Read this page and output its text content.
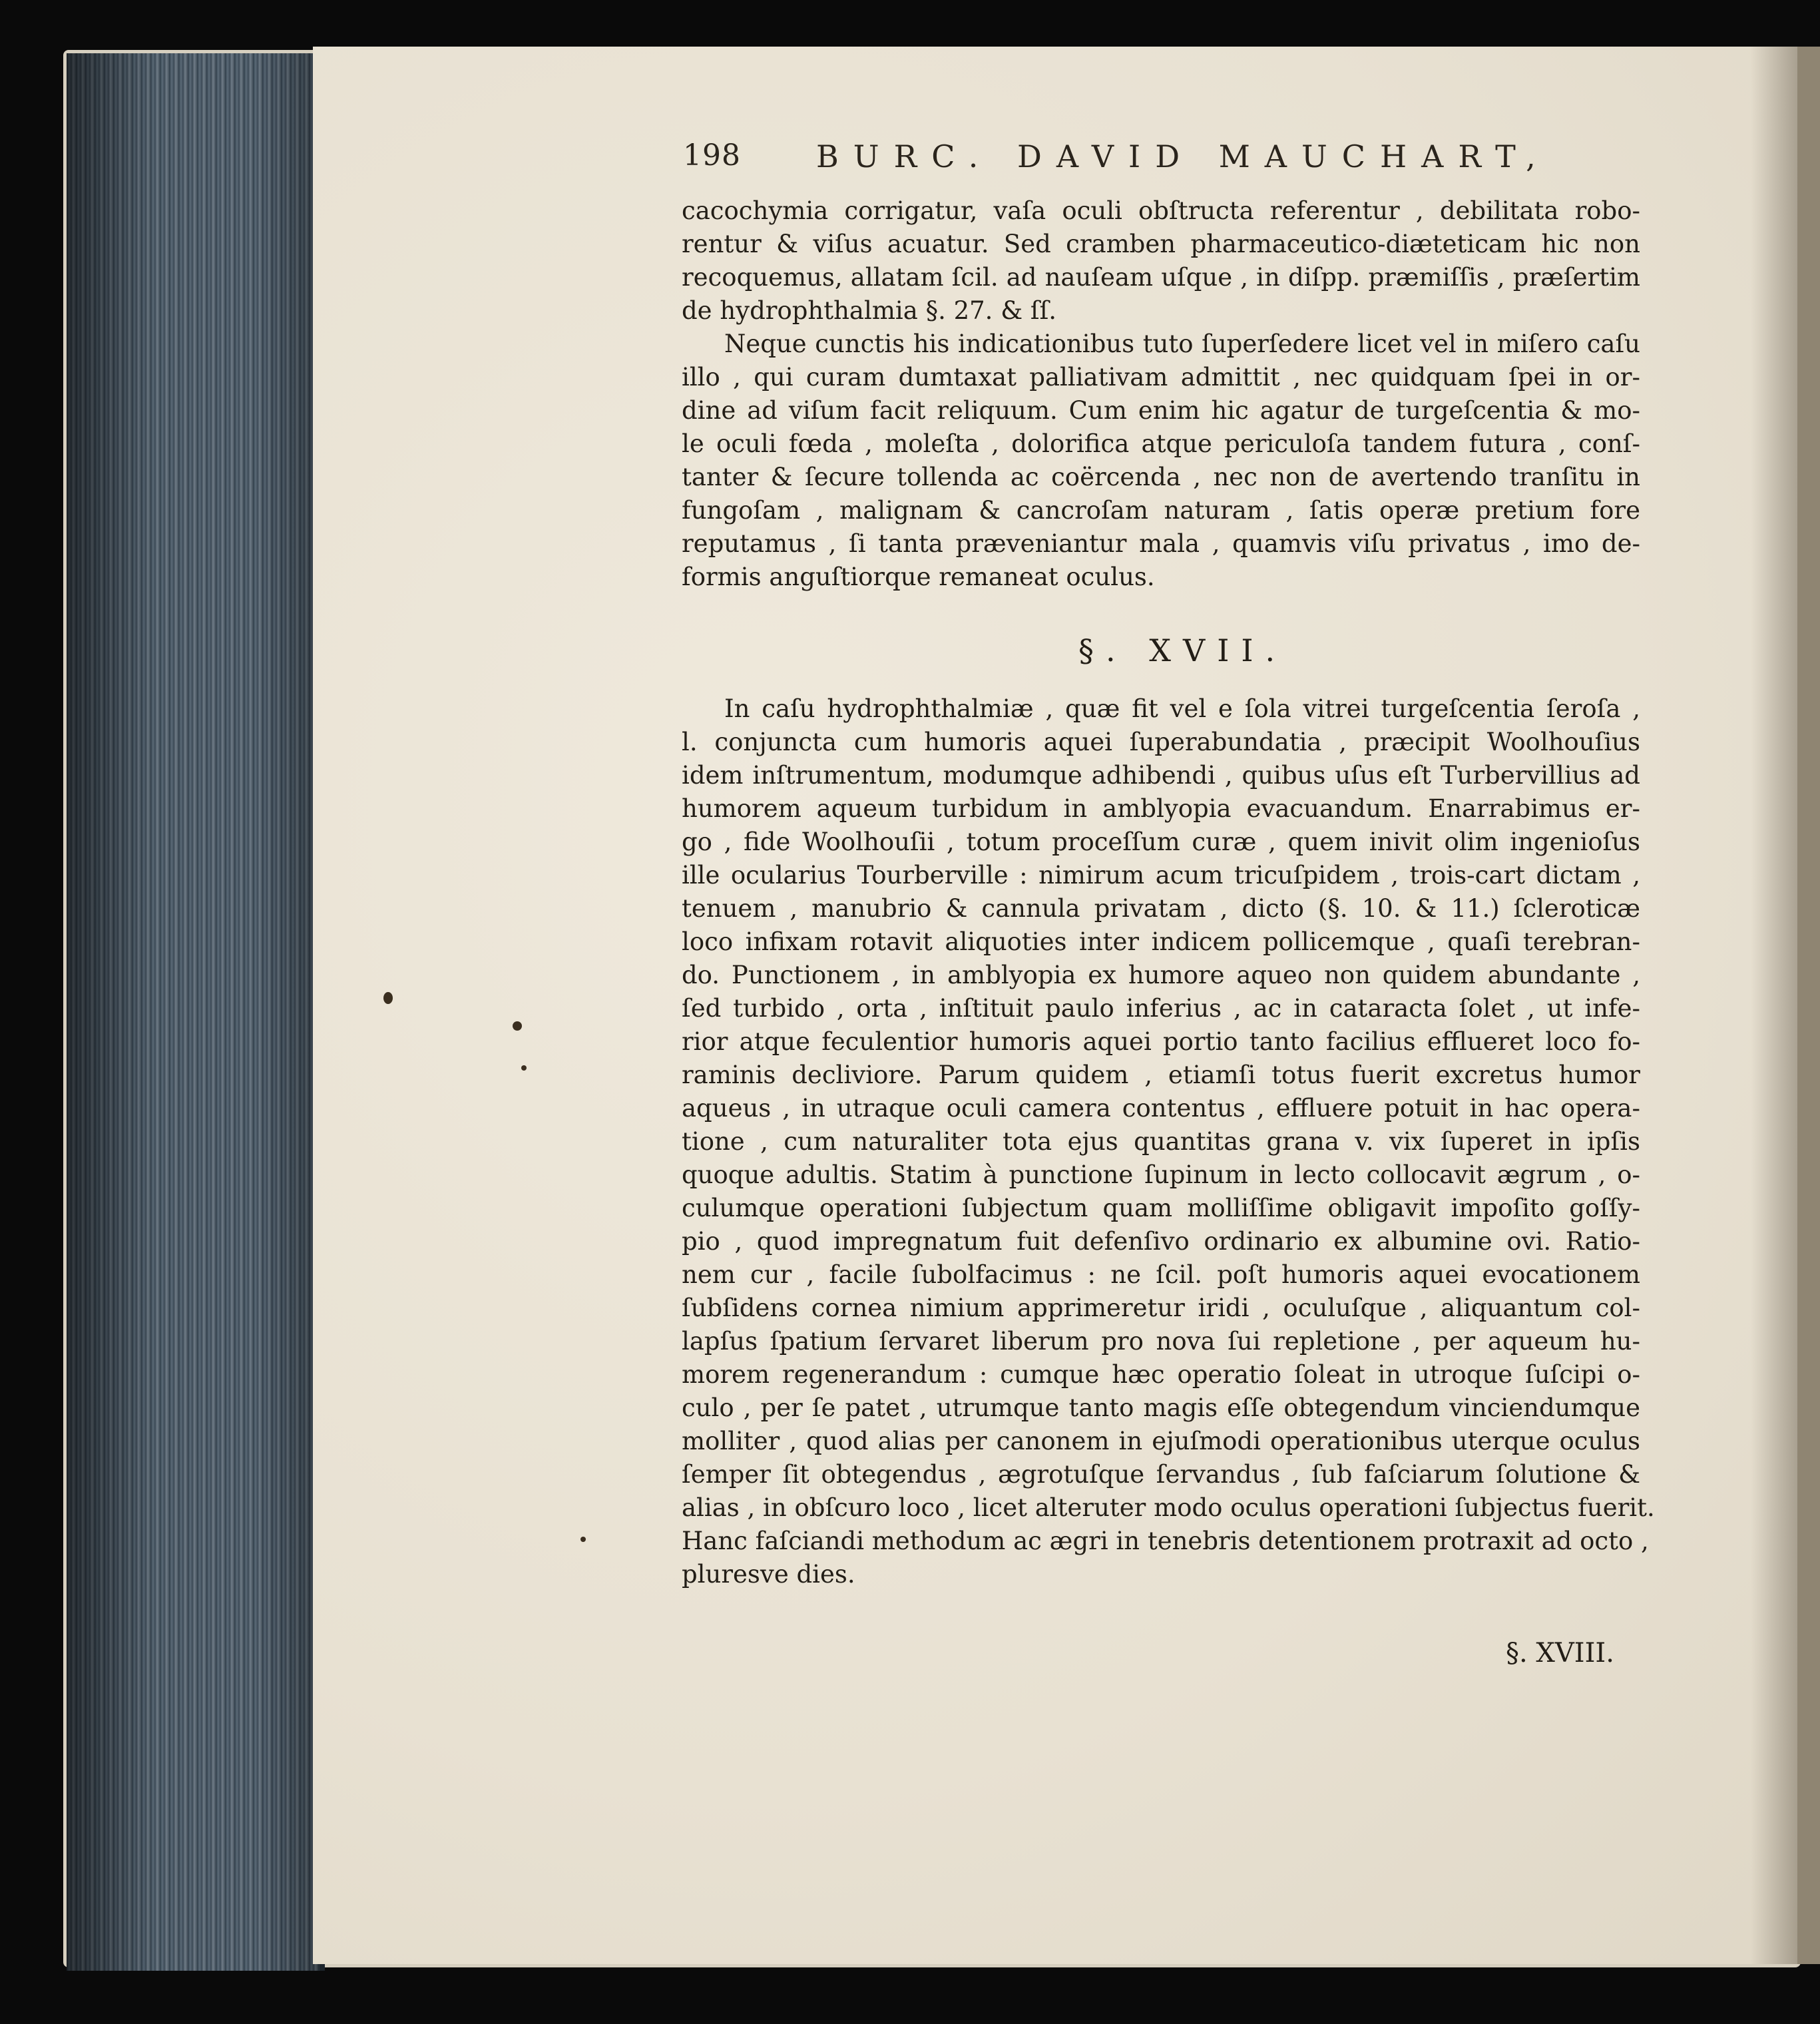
198 BURC. DAVID MAUCHART,
cacochymia corrigatur, vaſa oculi obſtructa referentur , debilitata robo-
rentur & viſus acuatur. Sed cramben pharmaceutico-diæteticam hic non
recoquemus, allatam ſcil. ad nauſeam uſque , in diſpp. præmiſſis , præſertim
de hydrophthalmia §. 27. & ſſ.
Neque cunctis his indicationibus tuto ſuperſedere licet vel in miſero caſu
illo , qui curam dumtaxat palliativam admittit , nec quidquam ſpei in or-
dine ad viſum facit reliquum. Cum enim hic agatur de turgeſcentia & mo-
le oculi fœda , moleſta , dolorifica atque periculoſa tandem futura , conſ-
tanter & ſecure tollenda ac coërcenda , nec non de avertendo tranſitu in
fungoſam , malignam & cancroſam naturam , ſatis operæ pretium fore
reputamus , ſi tanta præveniantur mala , quamvis viſu privatus , imo de-
formis anguſtiorque remaneat oculus.
§. XVII.
In caſu hydrophthalmiæ , quæ fit vel e ſola vitrei turgeſcentia ſeroſa ,
l. conjuncta cum humoris aquei ſuperabundatia , præcipit Woolhouſius
idem inſtrumentum, modumque adhibendi , quibus uſus eſt Turbervillius ad
humorem aqueum turbidum in amblyopia evacuandum. Enarrabimus er-
go , fide Woolhouſii , totum proceſſum curæ , quem inivit olim ingenioſus
ille ocularius Tourberville : nimirum acum tricuſpidem , trois-cart dictam ,
tenuem , manubrio & cannula privatam , dicto (§. 10. & 11.) ſcleroticæ
loco infixam rotavit aliquoties inter indicem pollicemque , quaſi terebran-
do. Punctionem , in amblyopia ex humore aqueo non quidem abundante ,
ſed turbido , orta , inſtituit paulo inferius , ac in cataracta ſolet , ut infe-
rior atque feculentior humoris aquei portio tanto facilius efflueret loco fo-
raminis decliviore. Parum quidem , etiamſi totus fuerit excretus humor
aqueus , in utraque oculi camera contentus , effluere potuit in hac opera-
tione , cum naturaliter tota ejus quantitas grana v. vix ſuperet in ipſis
quoque adultis. Statim à punctione ſupinum in lecto collocavit ægrum , o-
culumque operationi ſubjectum quam molliſſime obligavit impoſito goſſy-
pio , quod impregnatum fuit defenſivo ordinario ex albumine ovi. Ratio-
nem cur , facile ſubolfacimus : ne ſcil. poſt humoris aquei evocationem
ſubſidens cornea nimium apprimeretur iridi , oculuſque , aliquantum col-
lapſus ſpatium ſervaret liberum pro nova ſui repletione , per aqueum hu-
morem regenerandum : cumque hæc operatio ſoleat in utroque ſuſcipi o-
culo , per ſe patet , utrumque tanto magis eſſe obtegendum vinciendumque
molliter , quod alias per canonem in ejuſmodi operationibus uterque oculus
ſemper ſit obtegendus , ægrotuſque ſervandus , ſub faſciarum ſolutione &
alias , in obſcuro loco , licet alteruter modo oculus operationi ſubjectus fuerit.
Hanc faſciandi methodum ac ægri in tenebris detentionem protraxit ad octo ,
pluresve dies.
§. XVIII.
